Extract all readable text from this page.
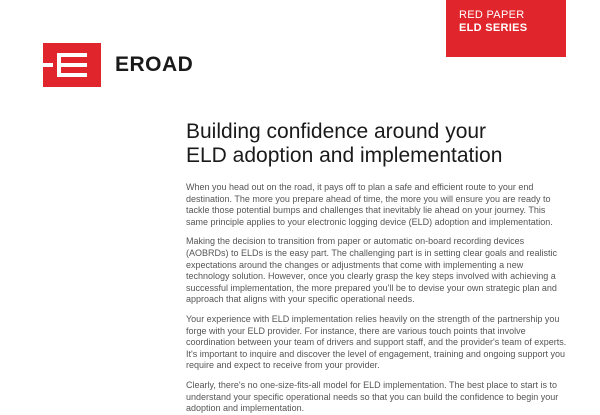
RED PAPER
ELD SERIES
EROAD
Building confidence around your
ELD adoption and implementation

When you head out on the road, it pays off to plan a safe and efficient route to your end destination. The more you prepare ahead of time, the more you will ensure you are ready to tackle those potential bumps and challenges that inevitably lie ahead on your journey. This same principle applies to your electronic logging device (ELD) adoption and implementation.

Making the decision to transition from paper or automatic on-board recording devices (AOBRDs) to ELDs is the easy part. The challenging part is in setting clear goals and realistic expectations around the changes or adjustments that come with implementing a new technology solution. However, once you clearly grasp the key steps involved with achieving a successful implementation, the more prepared you'll be to devise your own strategic plan and approach that aligns with your specific operational needs.

Your experience with ELD implementation relies heavily on the strength of the partnership you forge with your ELD provider. For instance, there are various touch points that involve coordination between your team of drivers and support staff, and the provider's team of experts. It's important to inquire and discover the level of engagement, training and ongoing support you require and expect to receive from your provider.

Clearly, there's no one-size-fits-all model for ELD implementation. The best place to start is to understand your specific operational needs so that you can build the confidence to begin your adoption and implementation.
